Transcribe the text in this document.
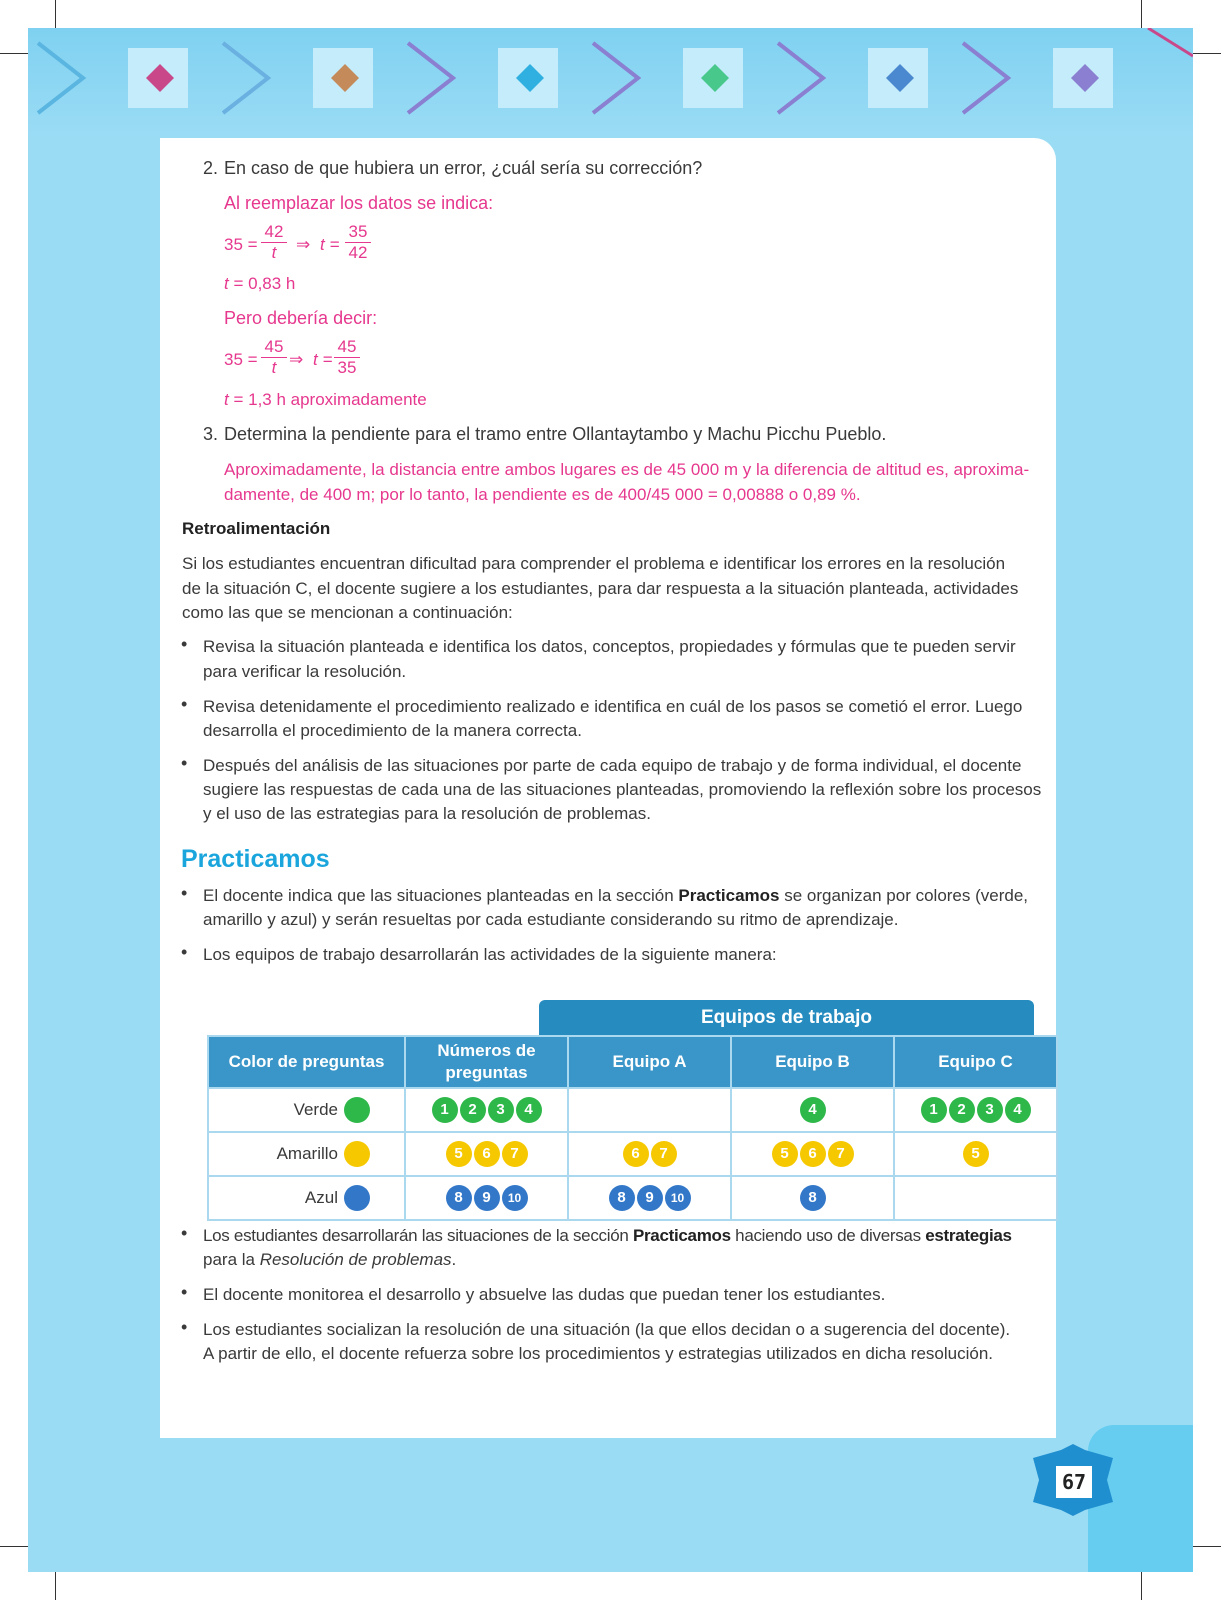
2. En caso de que hubiera un error, ¿cuál sería su corrección?
Al reemplazar los datos se indica:
$35 = \frac{42}{t}$ ⇒ $t = \frac{35}{42}$
t = 0,83 h
Pero debería decir:
$35 = \frac{45}{t}$ ⇒ $t = \frac{45}{35}$
t = 1,3 h aproximadamente
3. Determina la pendiente para el tramo entre Ollantaytambo y Machu Picchu Pueblo.
Aproximadamente, la distancia entre ambos lugares es de 45 000 m y la diferencia de altitud es, aproxima-
damente, de 400 m; por lo tanto, la pendiente es de 400/45 000 = 0,00888 o 0,89 %.
Retroalimentación
Si los estudiantes encuentran dificultad para comprender el problema e identificar los errores en la resolución
de la situación C, el docente sugiere a los estudiantes, para dar respuesta a la situación planteada, actividades
como las que se mencionan a continuación:
• Revisa la situación planteada e identifica los datos, conceptos, propiedades y fórmulas que te pueden servir
para verificar la resolución.
• Revisa detenidamente el procedimiento realizado e identifica en cuál de los pasos se cometió el error. Luego
desarrolla el procedimiento de la manera correcta.
• Después del análisis de las situaciones por parte de cada equipo de trabajo y de forma individual, el docente
sugiere las respuestas de cada una de las situaciones planteadas, promoviendo la reflexión sobre los procesos
y el uso de las estrategias para la resolución de problemas.
Practicamos
• El docente indica que las situaciones planteadas en la sección Practicamos se organizan por colores (verde,
amarillo y azul) y serán resueltas por cada estudiante considerando su ritmo de aprendizaje.
• Los equipos de trabajo desarrollarán las actividades de la siguiente manera:
Equipos de trabajo
Color de preguntas	Números de preguntas	Equipo A	Equipo B	Equipo C
Verde	1 2 3 4		4	1 2 3 4
Amarillo	5 6 7	6 7	5 6 7	5
Azul	8 9 10	8 9 10	8	
• Los estudiantes desarrollarán las situaciones de la sección Practicamos haciendo uso de diversas estrategias
para la Resolución de problemas.
• El docente monitorea el desarrollo y absuelve las dudas que puedan tener los estudiantes.
• Los estudiantes socializan la resolución de una situación (la que ellos decidan o a sugerencia del docente).
A partir de ello, el docente refuerza sobre los procedimientos y estrategias utilizados en dicha resolución.
67
